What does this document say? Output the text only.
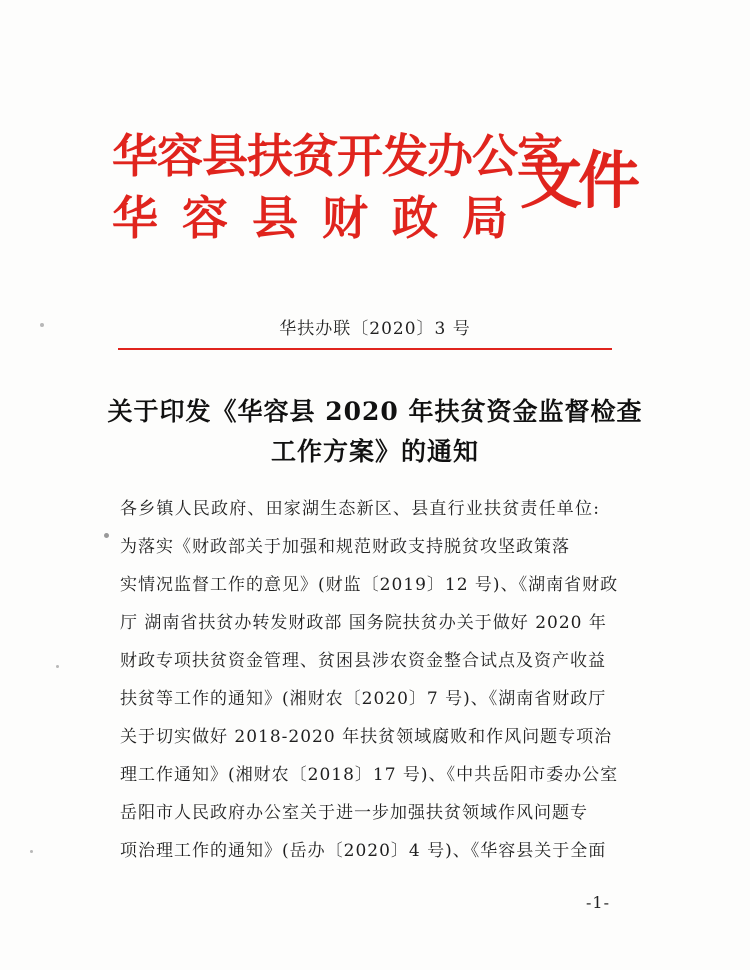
华容县扶贫开发办公室
华容县财政局
文件
华扶办联〔2020〕3 号
关于印发《华容县 2020 年扶贫资金监督检查
工作方案》的通知
各乡镇人民政府、田家湖生态新区、县直行业扶贫责任单位:
为落实《财政部关于加强和规范财政支持脱贫攻坚政策落
实情况监督工作的意见》(财监〔2019〕12 号)、《湖南省财政
厅 湖南省扶贫办转发财政部 国务院扶贫办关于做好 2020 年
财政专项扶贫资金管理、贫困县涉农资金整合试点及资产收益
扶贫等工作的通知》(湘财农〔2020〕7 号)、《湖南省财政厅
关于切实做好 2018-2020 年扶贫领域腐败和作风问题专项治
理工作通知》(湘财农〔2018〕17 号)、《中共岳阳市委办公室
岳阳市人民政府办公室关于进一步加强扶贫领域作风问题专
项治理工作的通知》(岳办〔2020〕4 号)、《华容县关于全面
-1-
